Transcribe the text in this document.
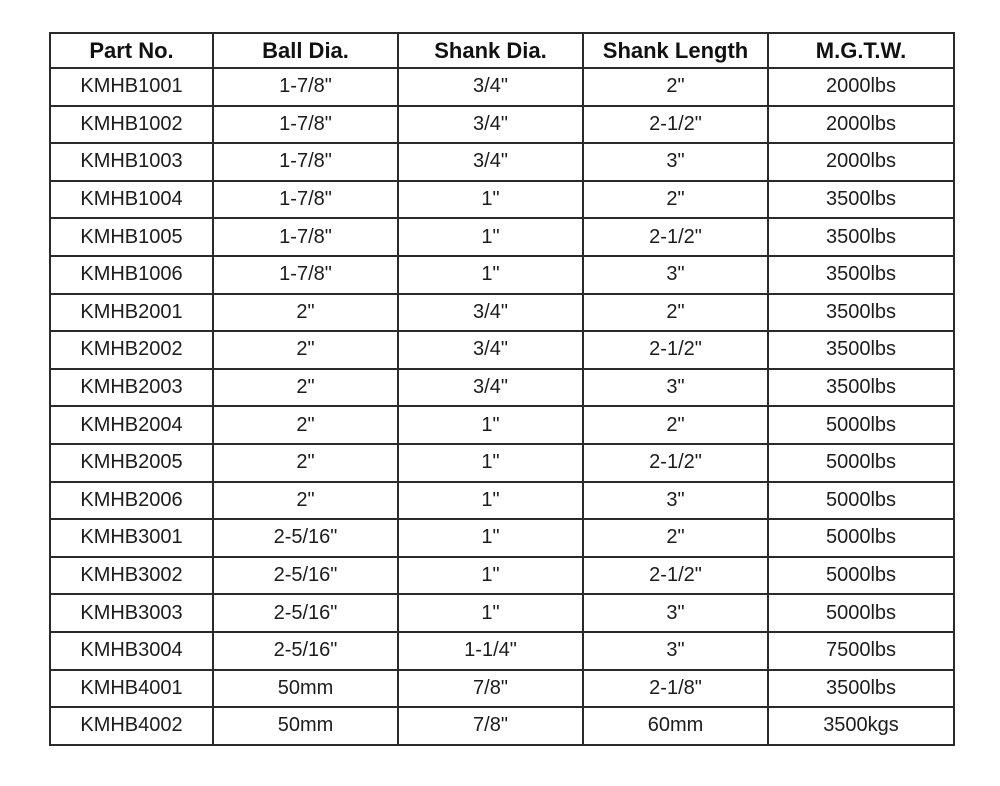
Part No.	Ball Dia.	Shank Dia.	Shank Length	M.G.T.W.
KMHB1001	1-7/8"	3/4"	2"	2000lbs
KMHB1002	1-7/8"	3/4"	2-1/2"	2000lbs
KMHB1003	1-7/8"	3/4"	3"	2000lbs
KMHB1004	1-7/8"	1"	2"	3500lbs
KMHB1005	1-7/8"	1"	2-1/2"	3500lbs
KMHB1006	1-7/8"	1"	3"	3500lbs
KMHB2001	2"	3/4"	2"	3500lbs
KMHB2002	2"	3/4"	2-1/2"	3500lbs
KMHB2003	2"	3/4"	3"	3500lbs
KMHB2004	2"	1"	2"	5000lbs
KMHB2005	2"	1"	2-1/2"	5000lbs
KMHB2006	2"	1"	3"	5000lbs
KMHB3001	2-5/16"	1"	2"	5000lbs
KMHB3002	2-5/16"	1"	2-1/2"	5000lbs
KMHB3003	2-5/16"	1"	3"	5000lbs
KMHB3004	2-5/16"	1-1/4"	3"	7500lbs
KMHB4001	50mm	7/8"	2-1/8"	3500lbs
KMHB4002	50mm	7/8"	60mm	3500kgs
